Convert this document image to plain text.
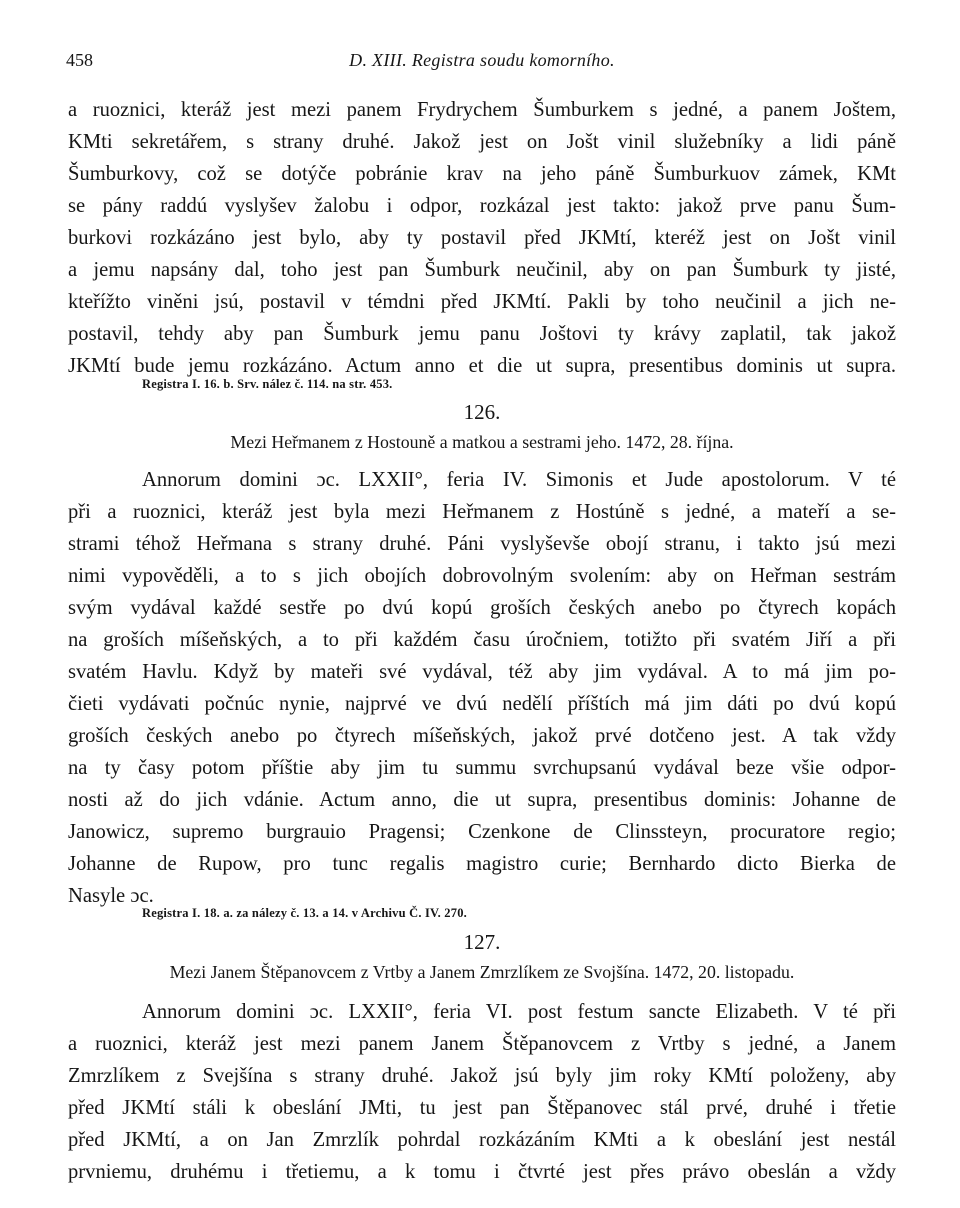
458	D. XIII. Registra soudu komorního.
a ruoznici, kteráž jest mezi panem Frydrychem Šumburkem s jedné, a panem Joštem,
KMti sekretářem, s strany druhé. Jakož jest on Jošt vinil služebníky a lidi páně
Šumburkovy, což se dotýče pobránie krav na jeho páně Šumburkuov zámek, KMt
se pány raddú vyslyšev žalobu i odpor, rozkázal jest takto: jakož prve panu Šum-
burkovi rozkázáno jest bylo, aby ty postavil před JKMtí, kteréž jest on Jošt vinil
a jemu napsány dal, toho jest pan Šumburk neučinil, aby on pan Šumburk ty jisté,
kteřížto viněni jsú, postavil v témdni před JKMtí. Pakli by toho neučinil a jich ne-
postavil, tehdy aby pan Šumburk jemu panu Joštovi ty krávy zaplatil, tak jakož
JKMtí bude jemu rozkázáno. Actum anno et die ut supra, presentibus dominis ut supra.
Registra I. 16. b. Srv. nález č. 114. na str. 453.
126.
Mezi Heřmanem z Hostouně a matkou a sestrami jeho. 1472, 28. října.
Annorum domini ɔc. LXXII°, feria IV. Simonis et Jude apostolorum. V té
při a ruoznici, kteráž jest byla mezi Heřmanem z Hostúně s jedné, a mateří a se-
strami téhož Heřmana s strany druhé. Páni vyslyševše obojí stranu, i takto jsú mezi
nimi vypověděli, a to s jich obojích dobrovolným svolením: aby on Heřman sestrám
svým vydával každé sestře po dvú kopú groších českých anebo po čtyrech kopách
na groších míšeňských, a to při každém času úročniem, totižto při svatém Jiří a při
svatém Havlu. Když by mateři své vydával, též aby jim vydával. A to má jim po-
čieti vydávati počnúc nynie, najprvé ve dvú nedělí příštích má jim dáti po dvú kopú
groších českých anebo po čtyrech míšeňských, jakož prvé dotčeno jest. A tak vždy
na ty časy potom příštie aby jim tu summu svrchupsanú vydával beze všie odpor-
nosti až do jich vdánie. Actum anno, die ut supra, presentibus dominis: Johanne de
Janowicz, supremo burgrauio Pragensi; Czenkone de Clinssteyn, procuratore regio;
Johanne de Rupow, pro tunc regalis magistro curie; Bernhardo dicto Bierka de
Nasyle ɔc.
Registra I. 18. a. za nálezy č. 13. a 14. v Archivu Č. IV. 270.
127.
Mezi Janem Štěpanovcem z Vrtby a Janem Zmrzlíkem ze Svojšína. 1472, 20. listopadu.
Annorum domini ɔc. LXXII°, feria VI. post festum sancte Elizabeth. V té při
a ruoznici, kteráž jest mezi panem Janem Štěpanovcem z Vrtby s jedné, a Janem
Zmrzlíkem z Svejšína s strany druhé. Jakož jsú byly jim roky KMtí položeny, aby
před JKMtí stáli k obeslání JMti, tu jest pan Štěpanovec stál prvé, druhé i třetie
před JKMtí, a on Jan Zmrzlík pohrdal rozkázáním KMti a k obeslání jest nestál
prvniemu, druhému i třetiemu, a k tomu i čtvrté jest přes právo obeslán a vždy
